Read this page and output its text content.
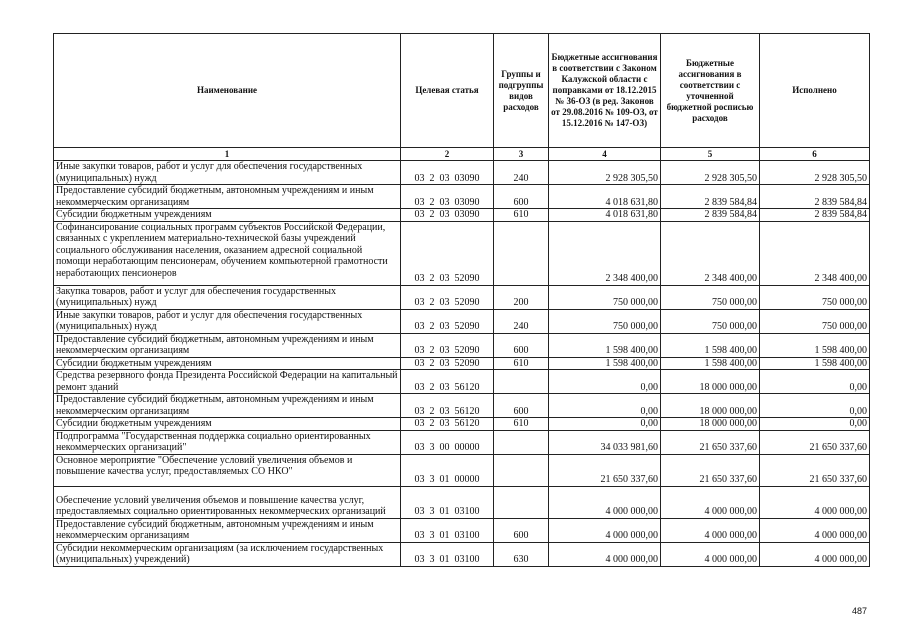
Наименование	Целевая статья	Группы и подгруппы видов расходов	Бюджетные ассигнования в соответствии с Законом Калужской области с поправками от 18.12.2015 № 36-ОЗ (в ред. Законов от 29.08.2016 № 109-ОЗ, от 15.12.2016 № 147-ОЗ)	Бюджетные ассигнования в соответствии с уточненной бюджетной росписью расходов	Исполнено
1	2	3	4	5	6
Иные закупки товаров, работ и услуг для обеспечения государственных (муниципальных) нужд	03  2  03  03090	240	2 928 305,50	2 928 305,50	2 928 305,50
Предоставление субсидий бюджетным, автономным учреждениям и иным некоммерческим организациям	03  2  03  03090	600	4 018 631,80	2 839 584,84	2 839 584,84
Субсидии бюджетным учреждениям	03  2  03  03090	610	4 018 631,80	2 839 584,84	2 839 584,84
Софинансирование социальных программ субъектов Российской Федерации, связанных с укреплением материально-технической базы учреждений социального обслуживания населения, оказанием адресной социальной помощи неработающим пенсионерам, обучением компьютерной грамотности неработающих пенсионеров	03  2  03  52090		2 348 400,00	2 348 400,00	2 348 400,00
Закупка товаров, работ и услуг для обеспечения государственных (муниципальных) нужд	03  2  03  52090	200	750 000,00	750 000,00	750 000,00
Иные закупки товаров, работ и услуг для обеспечения государственных (муниципальных) нужд	03  2  03  52090	240	750 000,00	750 000,00	750 000,00
Предоставление субсидий бюджетным, автономным учреждениям и иным некоммерческим организациям	03  2  03  52090	600	1 598 400,00	1 598 400,00	1 598 400,00
Субсидии бюджетным учреждениям	03  2  03  52090	610	1 598 400,00	1 598 400,00	1 598 400,00
Средства резервного фонда Президента Российской Федерации на капитальный ремонт зданий	03  2  03  56120		0,00	18 000 000,00	0,00
Предоставление субсидий бюджетным, автономным учреждениям и иным некоммерческим организациям	03  2  03  56120	600	0,00	18 000 000,00	0,00
Субсидии бюджетным учреждениям	03  2  03  56120	610	0,00	18 000 000,00	0,00
Подпрограмма "Государственная поддержка социально ориентированных некоммерческих организаций"	03  3  00  00000		34 033 981,60	21 650 337,60	21 650 337,60
Основное мероприятие "Обеспечение условий увеличения объемов и повышение качества услуг, предоставляемых СО НКО"	03  3  01  00000		21 650 337,60	21 650 337,60	21 650 337,60
Обеспечение условий увеличения объемов и повышение качества услуг, предоставляемых социально ориентированных некоммерческих организаций	03  3  01  03100		4 000 000,00	4 000 000,00	4 000 000,00
Предоставление субсидий бюджетным, автономным учреждениям и иным некоммерческим организациям	03  3  01  03100	600	4 000 000,00	4 000 000,00	4 000 000,00
Субсидии некоммерческим организациям (за исключением государственных (муниципальных) учреждений)	03  3  01  03100	630	4 000 000,00	4 000 000,00	4 000 000,00
487
